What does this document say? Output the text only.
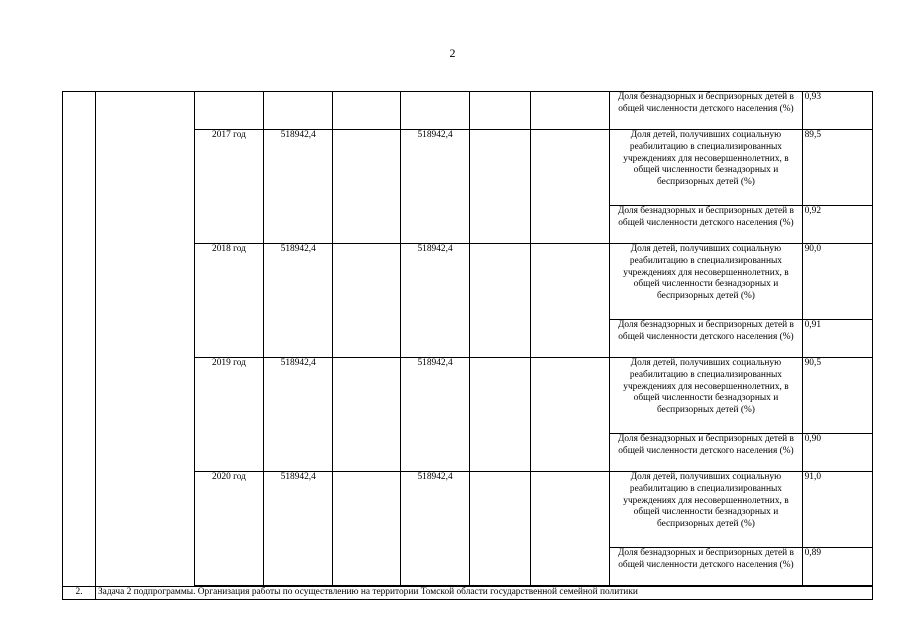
2
								Доля безнадзорных и беспризорных детей в общей численности детского населения (%)	0,93
		2017 год	518942,4		518942,4			Доля детей, получивших социальную реабилитацию в специализированных учреждениях для несовершеннолетних, в общей численности безнадзорных и беспризорных детей (%)	89,5
								Доля безнадзорных и беспризорных детей в общей численности детского населения (%)	0,92
		2018 год	518942,4		518942,4			Доля детей, получивших социальную реабилитацию в специализированных учреждениях для несовершеннолетних, в общей численности безнадзорных и беспризорных детей (%)	90,0
								Доля безнадзорных и беспризорных детей в общей численности детского населения (%)	0,91
		2019 год	518942,4		518942,4			Доля детей, получивших социальную реабилитацию в специализированных учреждениях для несовершеннолетних, в общей численности безнадзорных и беспризорных детей (%)	90,5
								Доля безнадзорных и беспризорных детей в общей численности детского населения (%)	0,90
		2020 год	518942,4		518942,4			Доля детей, получивших социальную реабилитацию в специализированных учреждениях для несовершеннолетних, в общей численности безнадзорных и беспризорных детей (%)	91,0
								Доля безнадзорных и беспризорных детей в общей численности детского населения (%)	0,89

2.	Задача 2 подпрограммы. Организация работы по осуществлению на территории Томской области государственной семейной политики								
